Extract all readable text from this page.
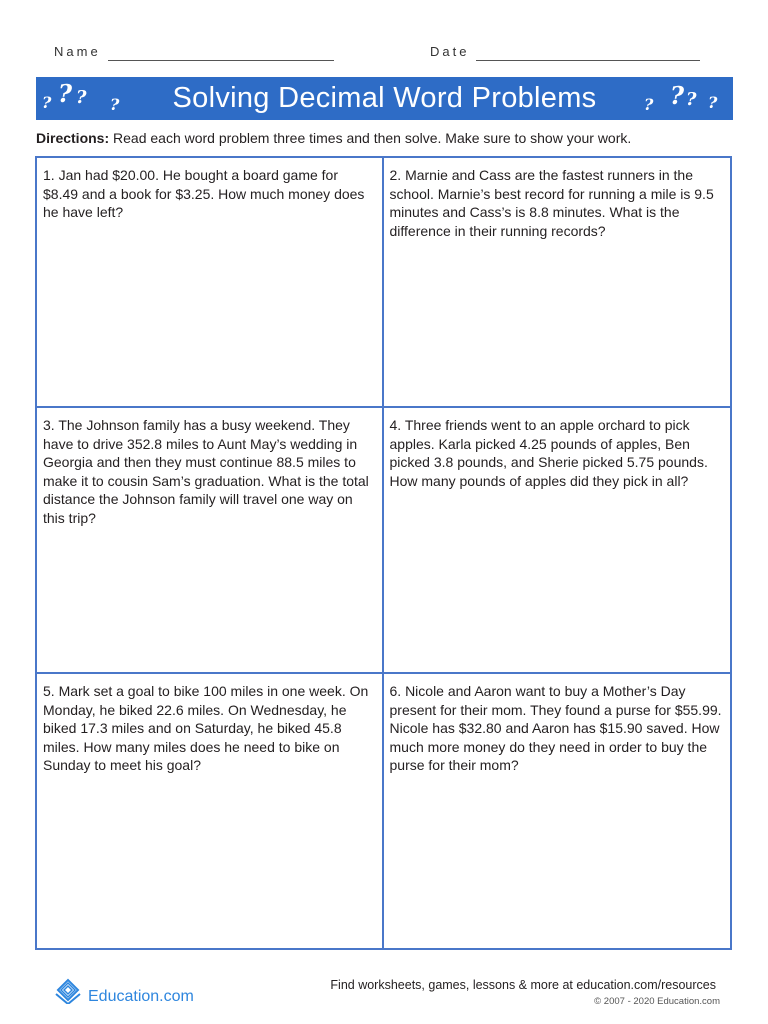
Name	Date
? ? ? ?	Solving Decimal Word Problems	? ? ? ?
Directions: Read each word problem three times and then solve. Make sure to show your work.

1. Jan had $20.00. He bought a board game for $8.49 and a book for $3.25. How much money does he have left?

2. Marnie and Cass are the fastest runners in the school. Marnie’s best record for running a mile is 9.5 minutes and Cass’s is 8.8 minutes. What is the difference in their running records?

3. The Johnson family has a busy weekend. They have to drive 352.8 miles to Aunt May’s wedding in Georgia and then they must continue 88.5 miles to make it to cousin Sam’s graduation. What is the total distance the Johnson family will travel one way on this trip?

4. Three friends went to an apple orchard to pick apples. Karla picked 4.25 pounds of apples, Ben picked 3.8 pounds, and Sherie picked 5.75 pounds. How many pounds of apples did they pick in all?

5. Mark set a goal to bike 100 miles in one week. On Monday, he biked 22.6 miles. On Wednesday, he biked 17.3 miles and on Saturday, he biked 45.8 miles. How many miles does he need to bike on Sunday to meet his goal?

6. Nicole and Aaron want to buy a Mother’s Day present for their mom. They found a purse for $55.99. Nicole has $32.80 and Aaron has $15.90 saved. How much more money do they need in order to buy the purse for their mom?

Education.com
Find worksheets, games, lessons & more at education.com/resources
© 2007 - 2020 Education.com
